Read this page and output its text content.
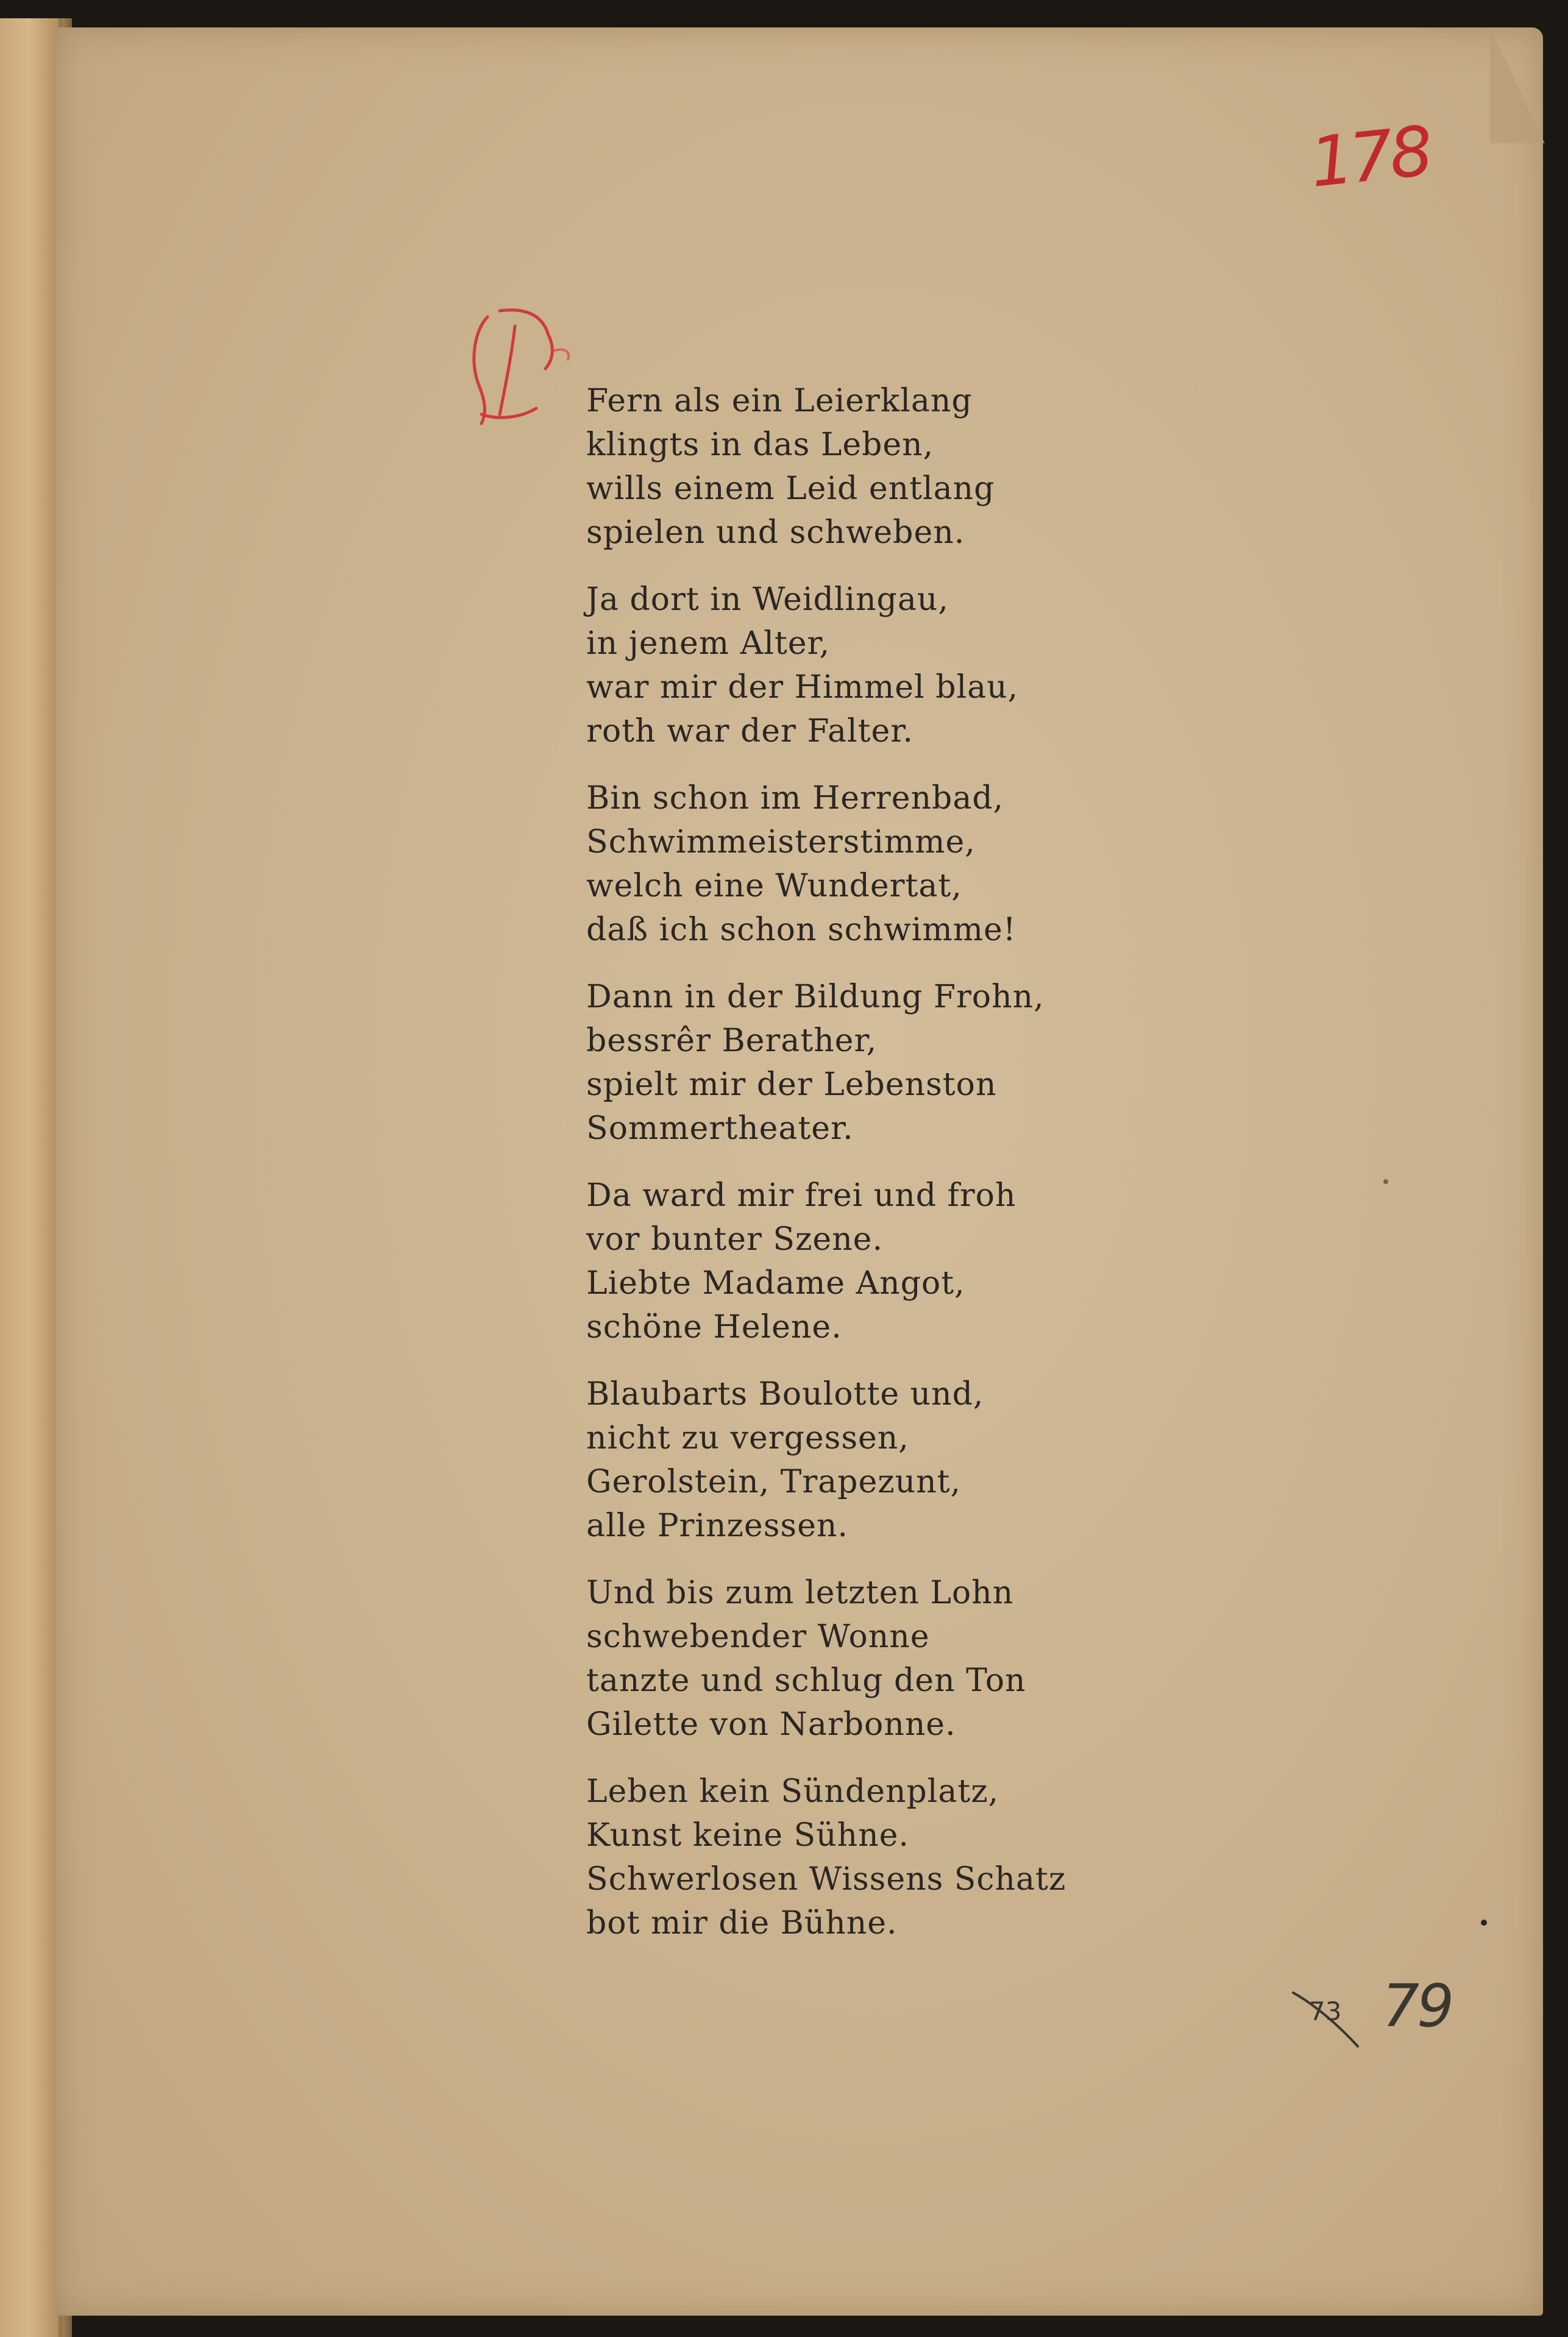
178
Fern als ein Leierklang
klingts in das Leben,
wills einem Leid entlang
spielen und schweben.
Ja dort in Weidlingau,
in jenem Alter,
war mir der Himmel blau,
roth war der Falter.
Bin schon im Herrenbad,
Schwimmeisterstimme,
welch eine Wundertat,
daß ich schon schwimme!
Dann in der Bildung Frohn,
bessrêr Berather,
spielt mir der Lebenston
Sommertheater.
Da ward mir frei und froh
vor bunter Szene.
Liebte Madame Angot,
schöne Helene.
Blaubarts Boulotte und,
nicht zu vergessen,
Gerolstein, Trapezunt,
alle Prinzessen.
Und bis zum letzten Lohn
schwebender Wonne
tanzte und schlug den Ton
Gilette von Narbonne.
Leben kein Sündenplatz,
Kunst keine Sühne.
Schwerlosen Wissens Schatz
bot mir die Bühne.
73 79
